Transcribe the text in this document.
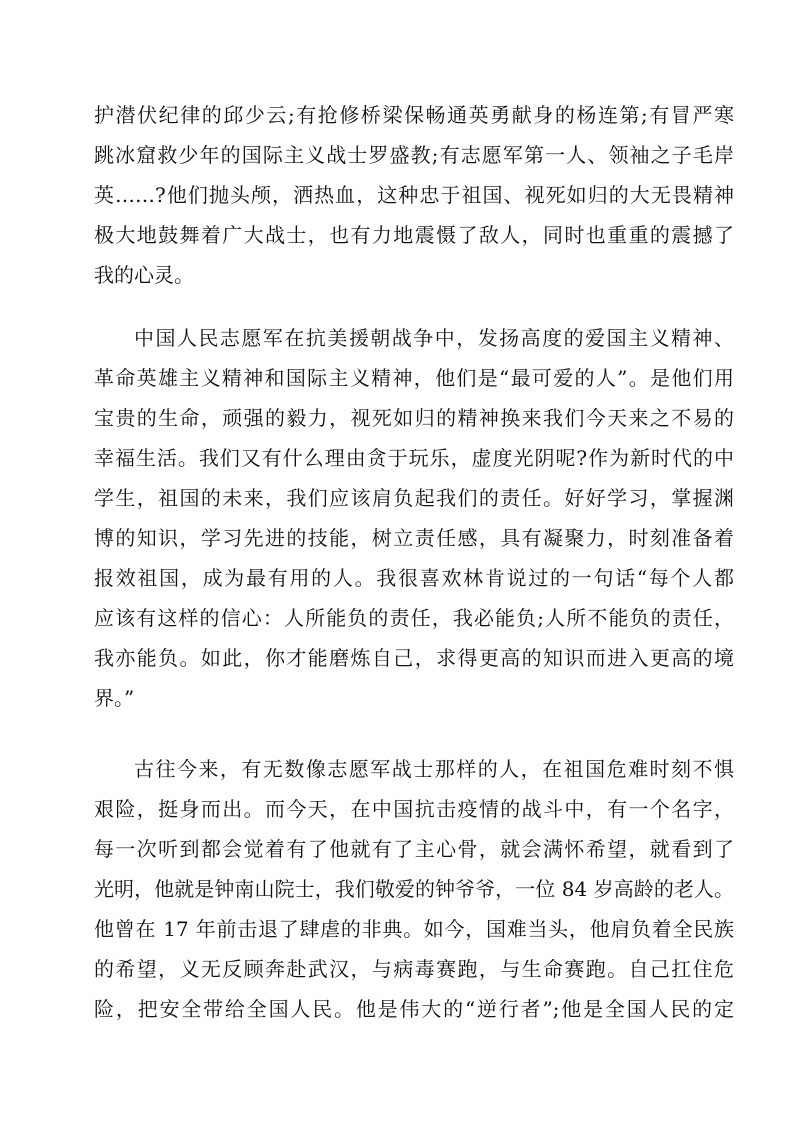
护潜伏纪律的邱少云;有抢修桥梁保畅通英勇献身的杨连第;有冒严寒
跳冰窟救少年的国际主义战士罗盛教;有志愿军第一人、领袖之子毛岸
英……?他们抛头颅，洒热血，这种忠于祖国、视死如归的大无畏精神
极大地鼓舞着广大战士，也有力地震慑了敌人，同时也重重的震撼了
我的心灵。
中国人民志愿军在抗美援朝战争中，发扬高度的爱国主义精神、
革命英雄主义精神和国际主义精神，他们是“最可爱的人”。是他们用
宝贵的生命，顽强的毅力，视死如归的精神换来我们今天来之不易的
幸福生活。我们又有什么理由贪于玩乐，虚度光阴呢?作为新时代的中
学生，祖国的未来，我们应该肩负起我们的责任。好好学习，掌握渊
博的知识，学习先进的技能，树立责任感，具有凝聚力，时刻准备着
报效祖国，成为最有用的人。我很喜欢林肯说过的一句话“每个人都
应该有这样的信心：人所能负的责任，我必能负;人所不能负的责任，
我亦能负。如此，你才能磨炼自己，求得更高的知识而进入更高的境
界。”
古往今来，有无数像志愿军战士那样的人，在祖国危难时刻不惧
艰险，挺身而出。而今天，在中国抗击疫情的战斗中，有一个名字，
每一次听到都会觉着有了他就有了主心骨，就会满怀希望，就看到了
光明，他就是钟南山院士，我们敬爱的钟爷爷，一位 84 岁高龄的老人。
他曾在 17 年前击退了肆虐的非典。如今，国难当头，他肩负着全民族
的希望，义无反顾奔赴武汉，与病毒赛跑，与生命赛跑。自己扛住危
险，把安全带给全国人民。他是伟大的“逆行者”;他是全国人民的定
